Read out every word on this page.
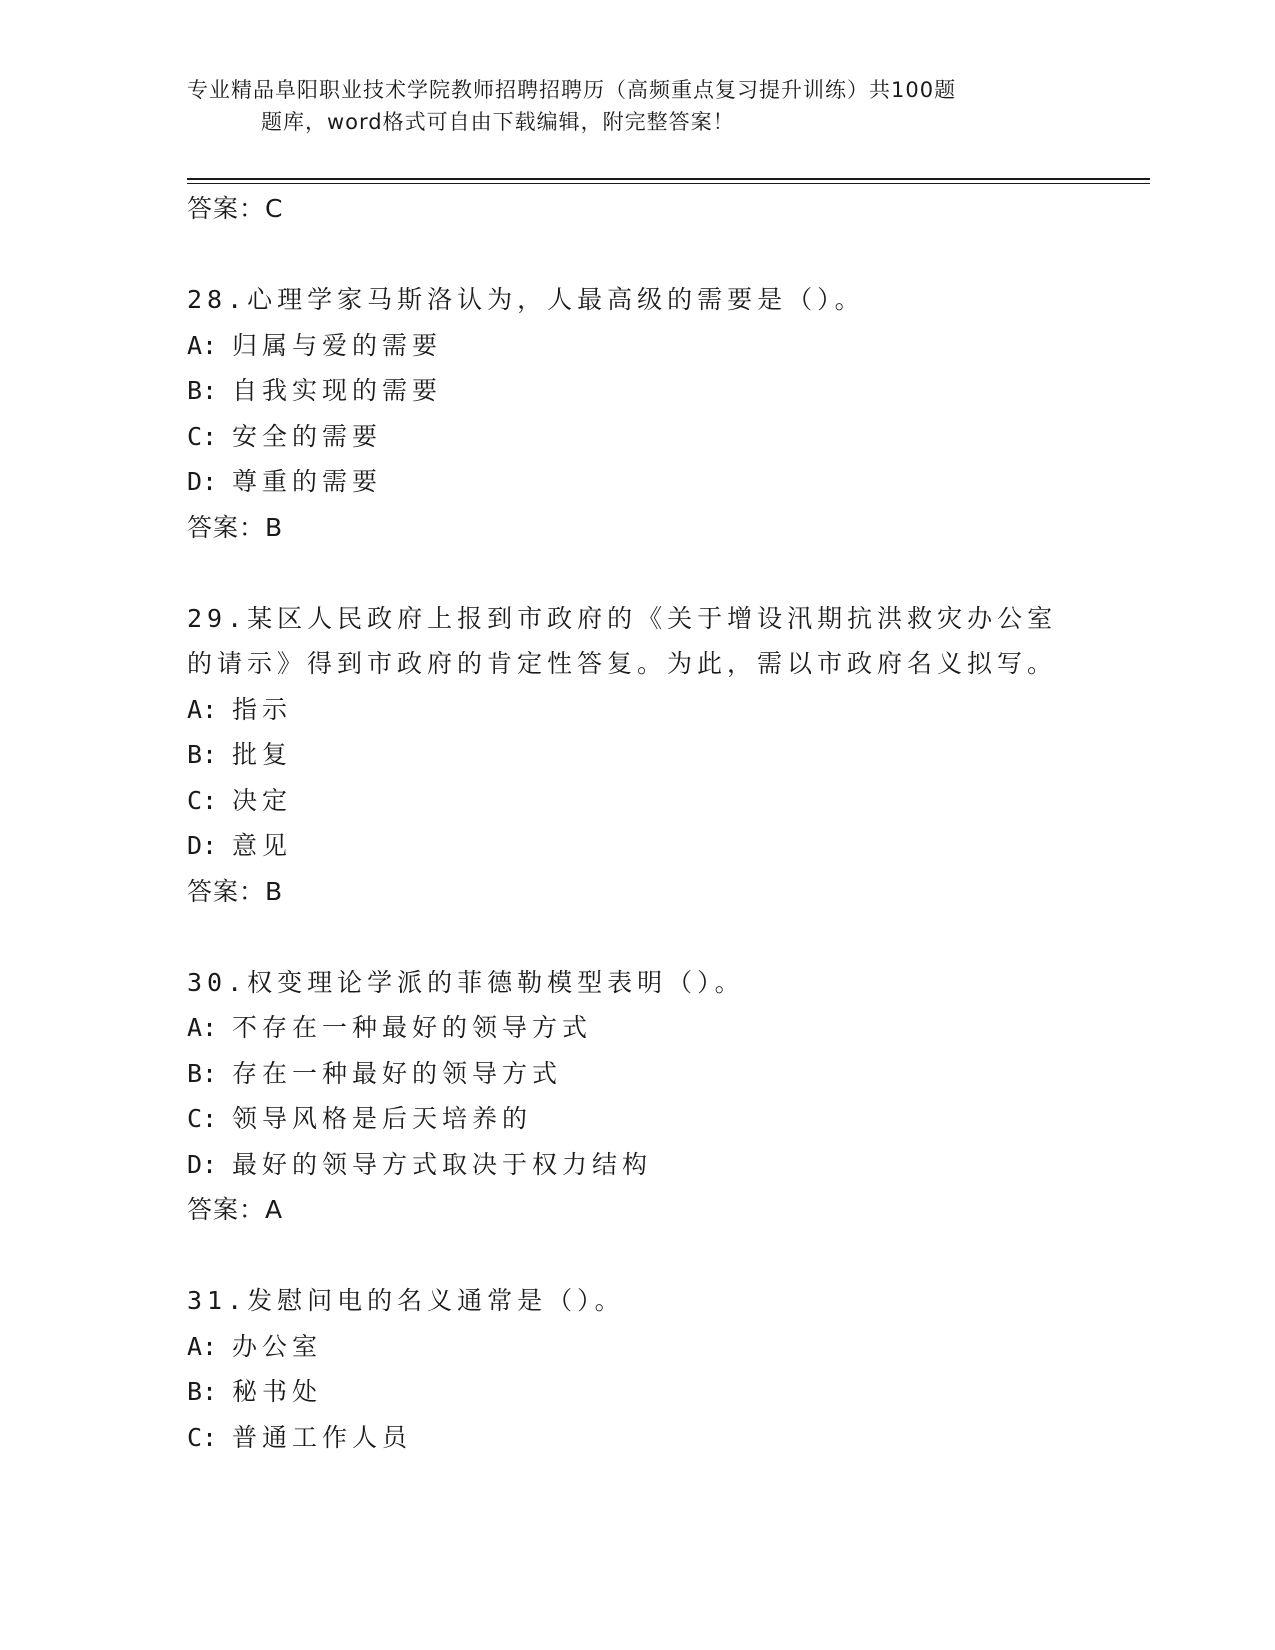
专业精品阜阳职业技术学院教师招聘招聘历（高频重点复习提升训练）共100题
题库，word格式可自由下载编辑，附完整答案！
答案：C
28.心理学家马斯洛认为，人最高级的需要是（）。
A: 归属与爱的需要
B: 自我实现的需要
C: 安全的需要
D: 尊重的需要
答案：B
29.某区人民政府上报到市政府的《关于增设汛期抗洪救灾办公室的请示》得到市政府的肯定性答复。为此，需以市政府名义拟写。
A: 指示
B: 批复
C: 决定
D: 意见
答案：B
30.权变理论学派的菲德勒模型表明（）。
A: 不存在一种最好的领导方式
B: 存在一种最好的领导方式
C: 领导风格是后天培养的
D: 最好的领导方式取决于权力结构
答案：A
31.发慰问电的名义通常是（）。
A: 办公室
B: 秘书处
C: 普通工作人员
